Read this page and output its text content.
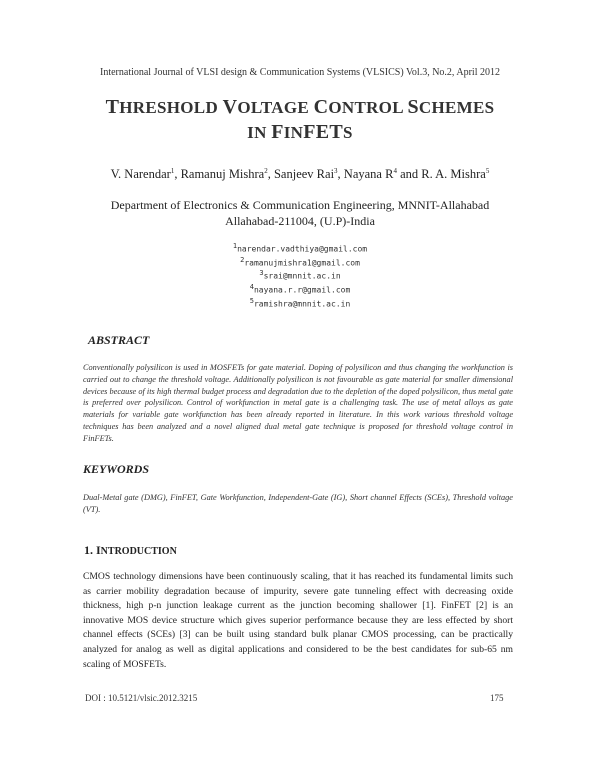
International Journal of VLSI design & Communication Systems (VLSICS) Vol.3, No.2, April 2012
THRESHOLD VOLTAGE CONTROL SCHEMES
IN FINFETS
V. Narendar$^1$, Ramanuj Mishra$^2$, Sanjeev Rai$^3$, Nayana $R^4$ and R. A. Mishra$^5$
Department of Electronics & Communication Engineering, MNNIT-Allahabad
Allahabad-211004, (U.P)-India
$^1$narendar.vadthiya@gmail.com
$^2$ramanujmishra1@gmail.com
$^3$srai@mnnit.ac.in
$^4$nayana.r.r@gmail.com
$^5$ramishra@mnnit.ac.in
ABSTRACT
Conventionally polysilicon is used in MOSFETs for gate material. Doping of polysilicon and thus changing the workfunction is carried out to change the threshold voltage. Additionally polysilicon is not favourable as gate material for smaller dimensional devices because of its high thermal budget process and degradation due to the depletion of the doped polysilicon, thus metal gate is preferred over polysilicon. Control of workfunction in metal gate is a challenging task. The use of metal alloys as gate materials for variable gate workfunction has been already reported in literature. In this work various threshold voltage techniques has been analyzed and a novel aligned dual metal gate technique is proposed for threshold voltage control in FinFETs.
KEYWORDS
Dual-Metal gate (DMG), FinFET, Gate Workfunction, Independent-Gate (IG), Short channel Effects (SCEs), Threshold voltage (VT).
1. INTRODUCTION
CMOS technology dimensions have been continuously scaling, that it has reached its fundamental limits such as carrier mobility degradation because of impurity, severe gate tunneling effect with decreasing oxide thickness, high p-n junction leakage current as the junction becoming shallower [1]. FinFET [2] is an innovative MOS device structure which gives superior performance because they are less effected by short channel effects (SCEs) [3] can be built using standard bulk planar CMOS processing, can be practically analyzed for analog as well as digital applications and considered to be the best candidates for sub-65 nm scaling of MOSFETs.
DOI : 10.5121/vlsic.2012.3215	175
